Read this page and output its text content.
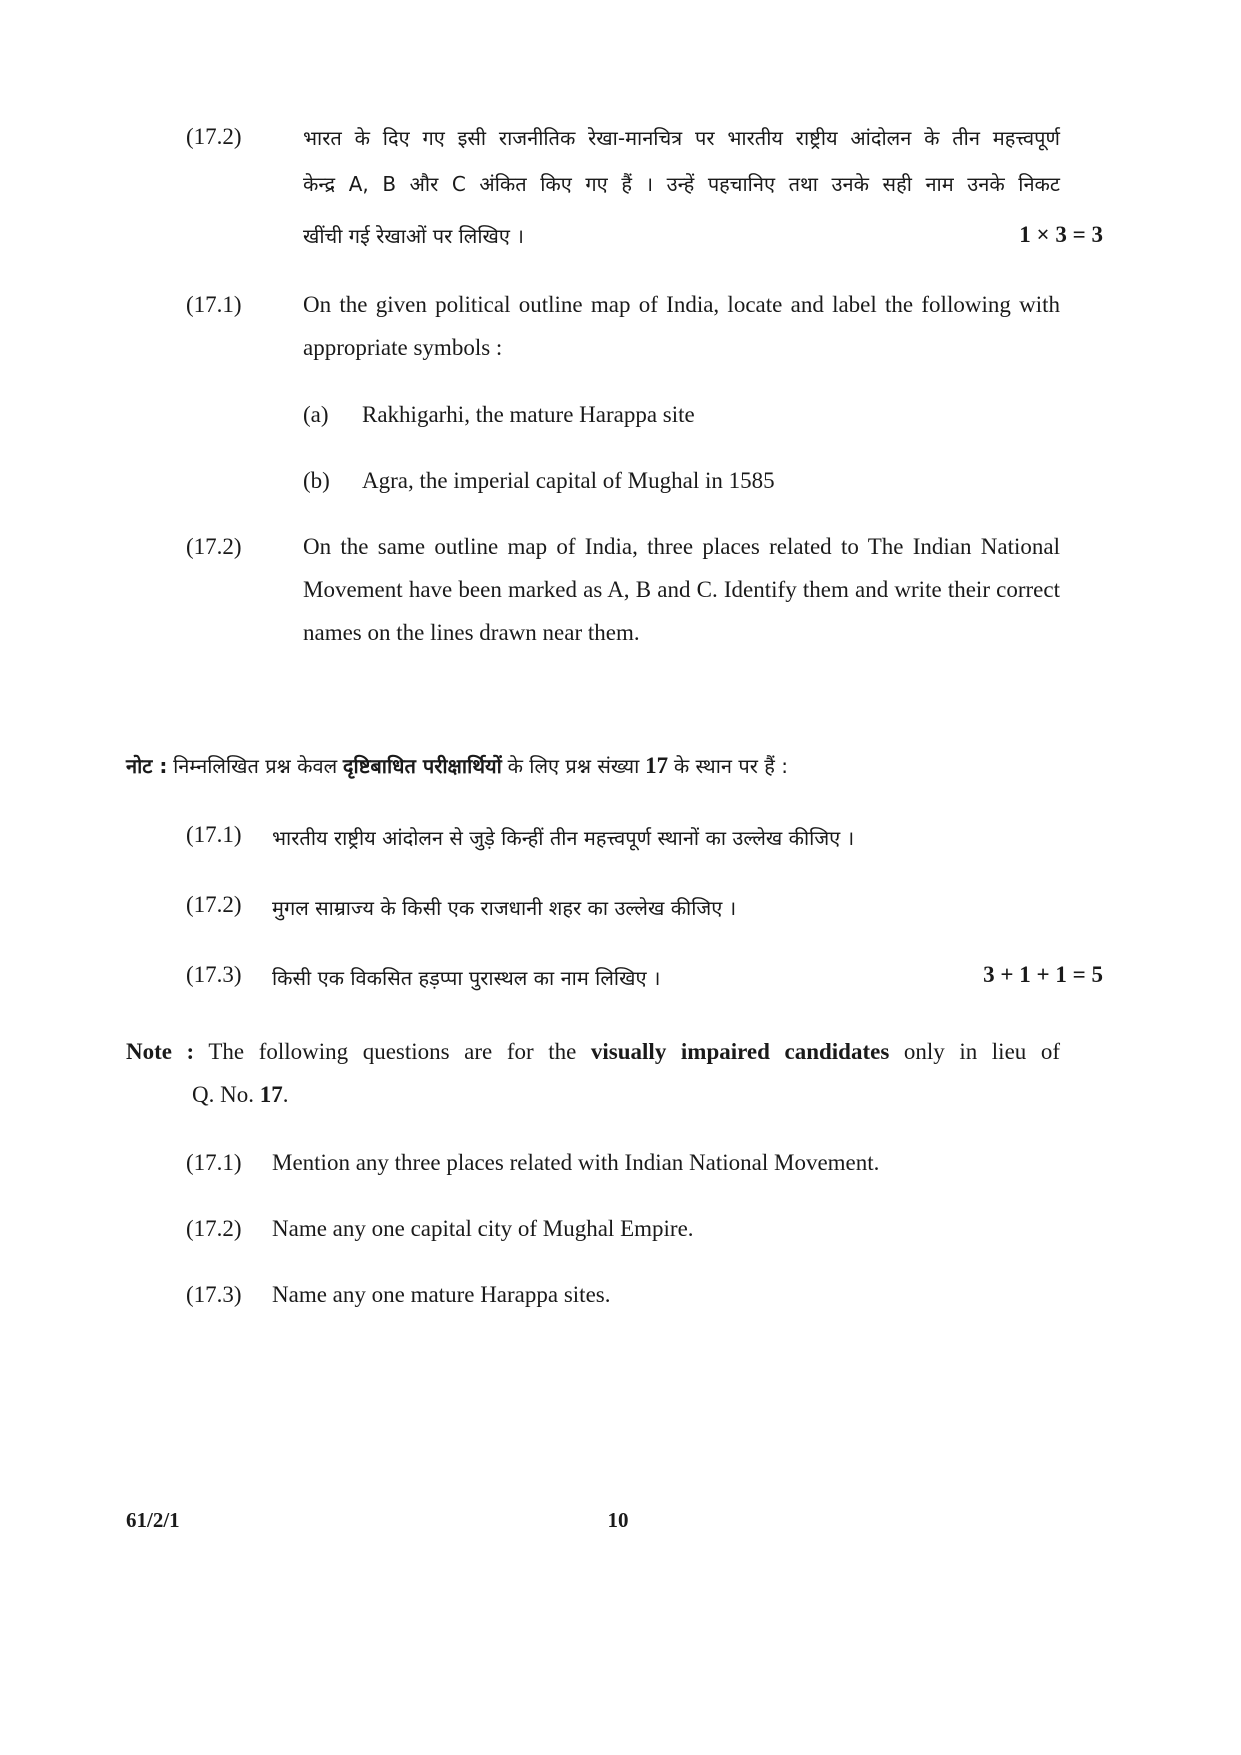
(17.2)	भारत के दिए गए इसी राजनीतिक रेखा-मानचित्र पर भारतीय राष्ट्रीय आंदोलन के तीन महत्त्वपूर्ण
केन्द्र A, B और C अंकित किए गए हैं । उन्हें पहचानिए तथा उनके सही नाम उनके निकट
खींची गई रेखाओं पर लिखिए ।	1 × 3 = 3
(17.1)	On the given political outline map of India, locate and label the following with appropriate symbols :
(a) Rakhigarhi, the mature Harappa site
(b) Agra, the imperial capital of Mughal in 1585
(17.2)	On the same outline map of India, three places related to The Indian National Movement have been marked as A, B and C. Identify them and write their correct names on the lines drawn near them.
नोट : निम्नलिखित प्रश्न केवल दृष्टिबाधित परीक्षार्थियों के लिए प्रश्न संख्या 17 के स्थान पर हैं :
(17.1) भारतीय राष्ट्रीय आंदोलन से जुड़े किन्हीं तीन महत्त्वपूर्ण स्थानों का उल्लेख कीजिए ।
(17.2) मुगल साम्राज्य के किसी एक राजधानी शहर का उल्लेख कीजिए ।
(17.3) किसी एक विकसित हड़प्पा पुरास्थल का नाम लिखिए ।	3 + 1 + 1 = 5
Note : The following questions are for the visually impaired candidates only in lieu of
Q. No. 17.
(17.1) Mention any three places related with Indian National Movement.
(17.2) Name any one capital city of Mughal Empire.
(17.3) Name any one mature Harappa sites.
61/2/1	10
